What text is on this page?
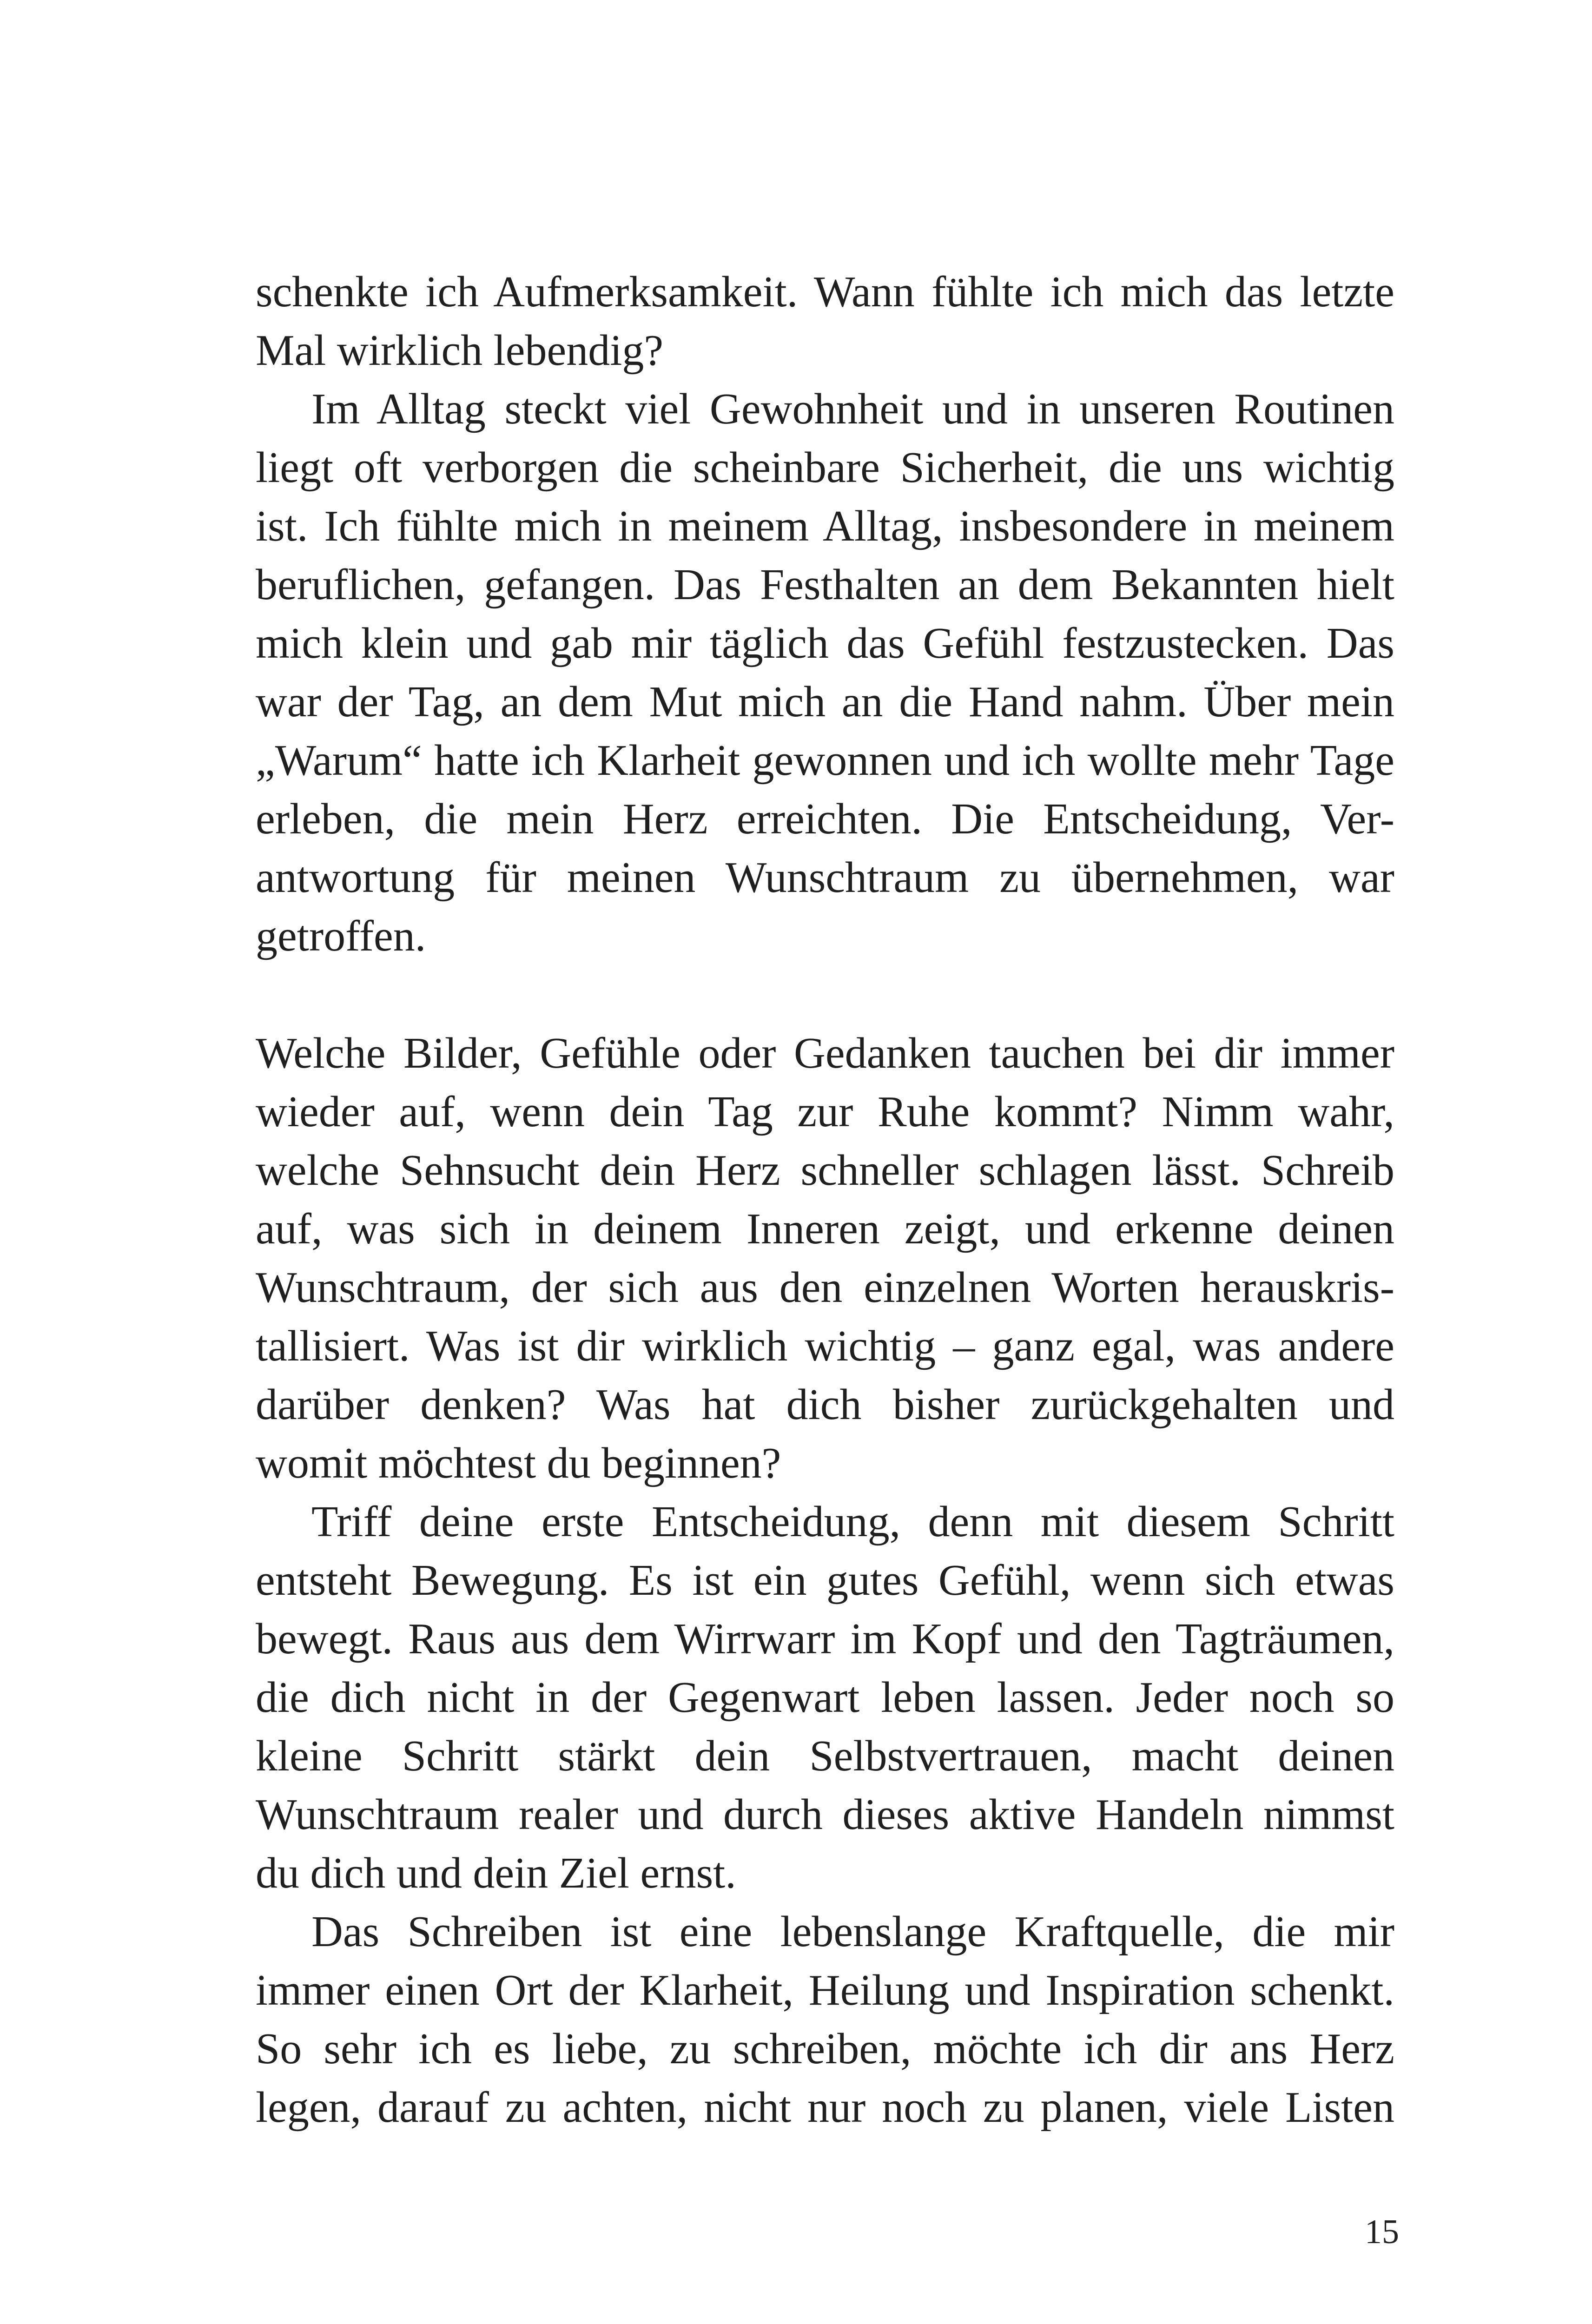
schenkte ich Aufmerksamkeit. Wann fühlte ich mich das letzte
Mal wirklich lebendig?
Im Alltag steckt viel Gewohnheit und in unseren Routinen
liegt oft verborgen die scheinbare Sicherheit, die uns wichtig
ist. Ich fühlte mich in meinem Alltag, insbesondere in meinem
beruflichen, gefangen. Das Festhalten an dem Bekannten hielt
mich klein und gab mir täglich das Gefühl festzustecken. Das
war der Tag, an dem Mut mich an die Hand nahm. Über mein
„Warum“ hatte ich Klarheit gewonnen und ich wollte mehr Tage
erleben, die mein Herz erreichten. Die Entscheidung, Ver-
antwortung für meinen Wunschtraum zu übernehmen, war
getroffen.
Welche Bilder, Gefühle oder Gedanken tauchen bei dir immer
wieder auf, wenn dein Tag zur Ruhe kommt? Nimm wahr,
welche Sehnsucht dein Herz schneller schlagen lässt. Schreib
auf, was sich in deinem Inneren zeigt, und erkenne deinen
Wunschtraum, der sich aus den einzelnen Worten herauskris-
tallisiert. Was ist dir wirklich wichtig – ganz egal, was andere
darüber denken? Was hat dich bisher zurückgehalten und
womit möchtest du beginnen?
Triff deine erste Entscheidung, denn mit diesem Schritt
entsteht Bewegung. Es ist ein gutes Gefühl, wenn sich etwas
bewegt. Raus aus dem Wirrwarr im Kopf und den Tagträumen,
die dich nicht in der Gegenwart leben lassen. Jeder noch so
kleine Schritt stärkt dein Selbstvertrauen, macht deinen
Wunschtraum realer und durch dieses aktive Handeln nimmst
du dich und dein Ziel ernst.
Das Schreiben ist eine lebenslange Kraftquelle, die mir
immer einen Ort der Klarheit, Heilung und Inspiration schenkt.
So sehr ich es liebe, zu schreiben, möchte ich dir ans Herz
legen, darauf zu achten, nicht nur noch zu planen, viele Listen
15
